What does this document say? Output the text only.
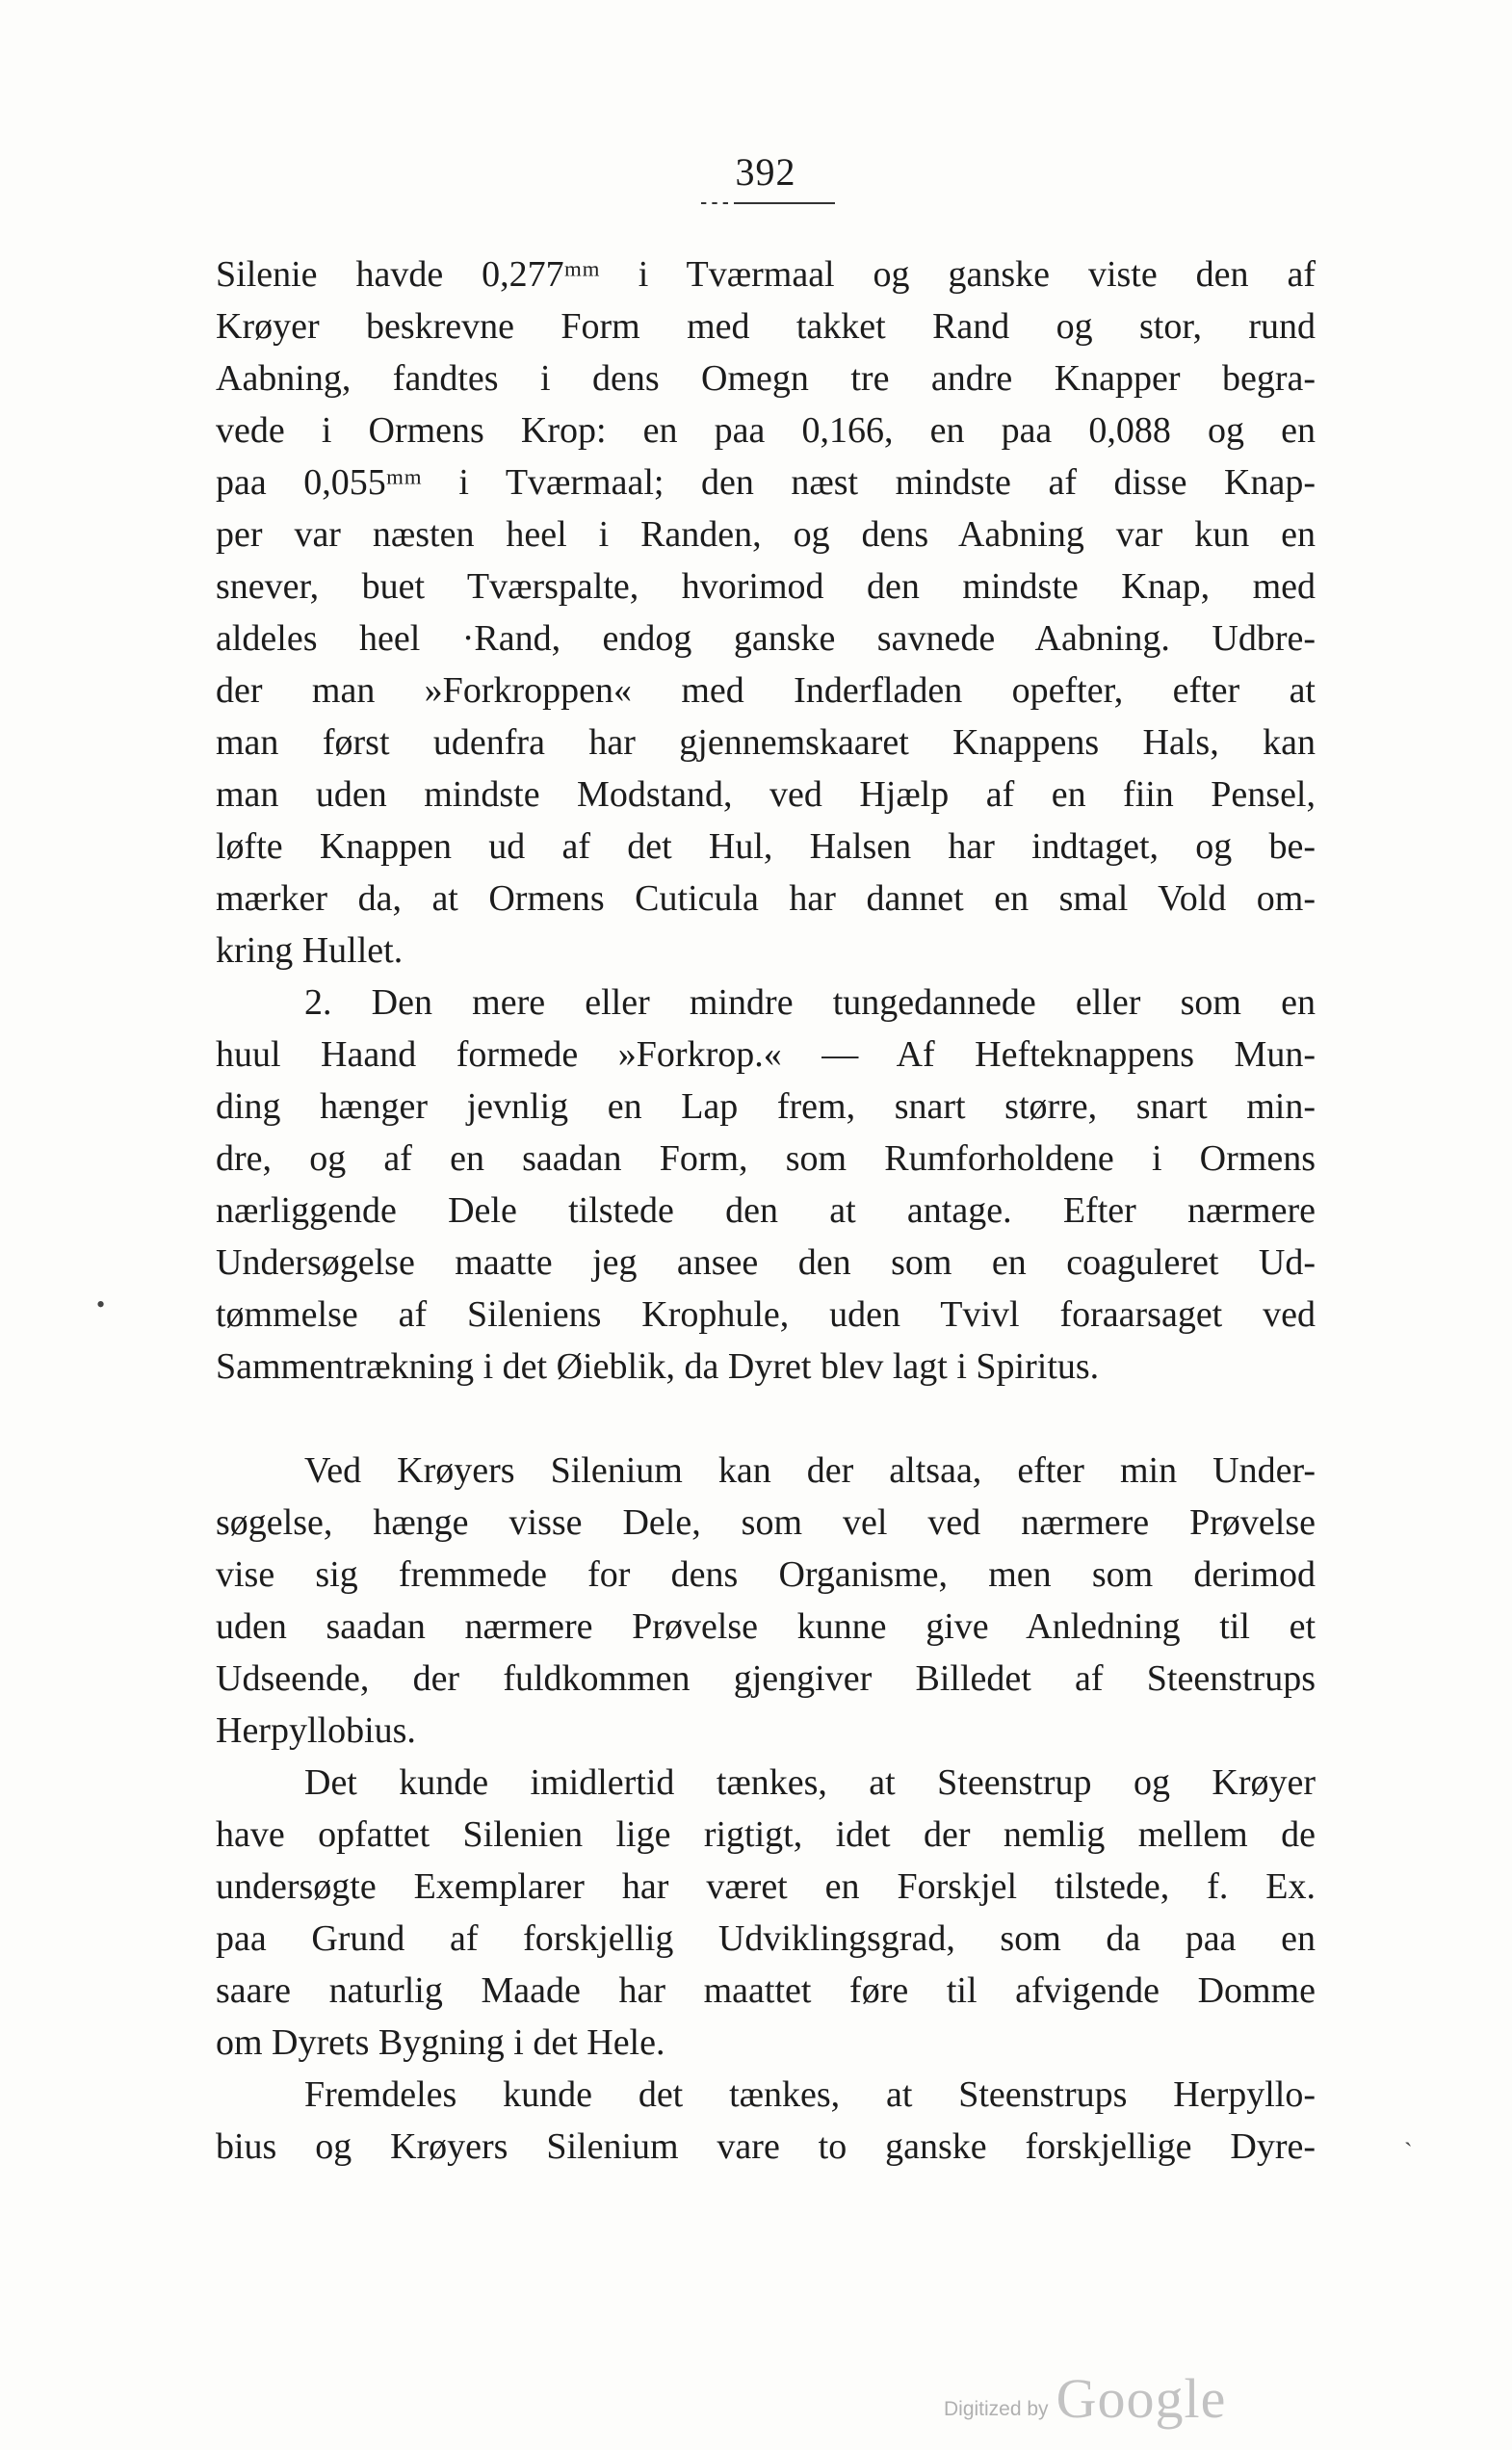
392
Silenie havde 0,277ᵐᵐ i Tværmaal og ganske viste den af
Krøyer beskrevne Form med takket Rand og stor, rund
Aabning, fandtes i dens Omegn tre andre Knapper begra-
vede i Ormens Krop: en paa 0,166, en paa 0,088 og en
paa 0,055ᵐᵐ i Tværmaal; den næst mindste af disse Knap-
per var næsten heel i Randen, og dens Aabning var kun en
snever, buet Tværspalte, hvorimod den mindste Knap, med
aldeles heel ·Rand, endog ganske savnede Aabning. Udbre-
der man »Forkroppen« med Inderfladen opefter, efter at
man først udenfra har gjennemskaaret Knappens Hals, kan
man uden mindste Modstand, ved Hjælp af en fiin Pensel,
løfte Knappen ud af det Hul, Halsen har indtaget, og be-
mærker da, at Ormens Cuticula har dannet en smal Vold om-
kring Hullet.
2. Den mere eller mindre tungedannede eller som en
huul Haand formede »Forkrop.« — Af Hefteknappens Mun-
ding hænger jevnlig en Lap frem, snart større, snart min-
dre, og af en saadan Form, som Rumforholdene i Ormens
nærliggende Dele tilstede den at antage. Efter nærmere
Undersøgelse maatte jeg ansee den som en coaguleret Ud-
tømmelse af Sileniens Krophule, uden Tvivl foraarsaget ved
Sammentrækning i det Øieblik, da Dyret blev lagt i Spiritus.
Ved Krøyers Silenium kan der altsaa, efter min Under-
søgelse, hænge visse Dele, som vel ved nærmere Prøvelse
vise sig fremmede for dens Organisme, men som derimod
uden saadan nærmere Prøvelse kunne give Anledning til et
Udseende, der fuldkommen gjengiver Billedet af Steenstrups
Herpyllobius.
Det kunde imidlertid tænkes, at Steenstrup og Krøyer
have opfattet Silenien lige rigtigt, idet der nemlig mellem de
undersøgte Exemplarer har været en Forskjel tilstede, f. Ex.
paa Grund af forskjellig Udviklingsgrad, som da paa en
saare naturlig Maade har maattet føre til afvigende Domme
om Dyrets Bygning i det Hele.
Fremdeles kunde det tænkes, at Steenstrups Herpyllo-
bius og Krøyers Silenium vare to ganske forskjellige Dyre-
•
`
Digitized by Google
